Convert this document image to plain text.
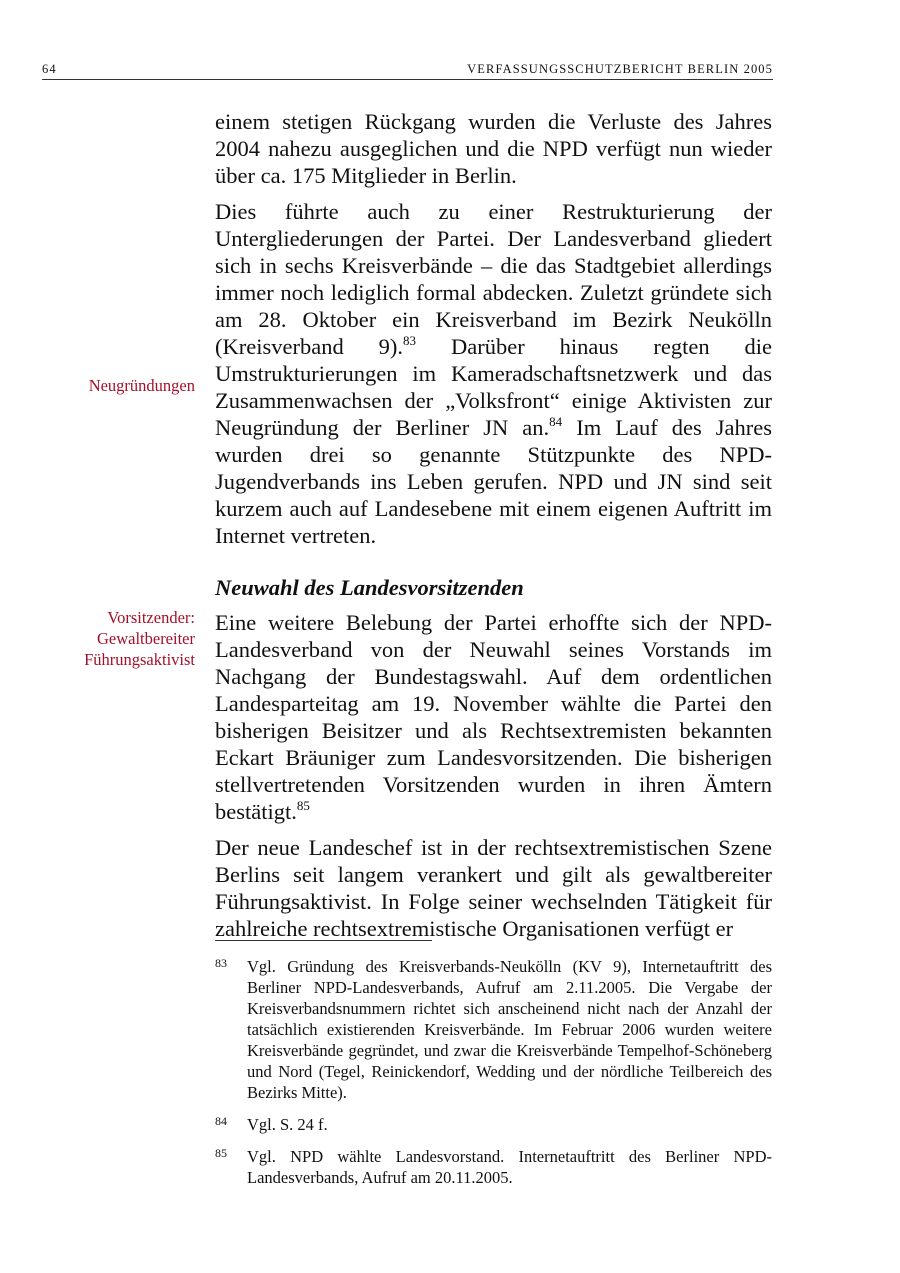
64	VERFASSUNGSSCHUTZBERICHT BERLIN 2005
Neugründungen
Vorsitzender:
Gewaltbereiter
Führungsaktivist

einem stetigen Rückgang wurden die Verluste des Jahres 2004 nahezu ausgeglichen und die NPD verfügt nun wieder über ca. 175 Mitglieder in Berlin.

Dies führte auch zu einer Restrukturierung der Untergliederungen der Partei. Der Landesverband gliedert sich in sechs Kreisverbände – die das Stadtgebiet allerdings immer noch lediglich formal abdecken. Zuletzt gründete sich am 28. Oktober ein Kreisverband im Bezirk Neukölln (Kreisverband 9).$^{83}$ Darüber hinaus regten die Umstrukturierungen im Kameradschaftsnetzwerk und das Zusammenwachsen der „Volksfront“ einige Aktivisten zur Neugründung der Berliner JN an.$^{84}$ Im Lauf des Jahres wurden drei so genannte Stützpunkte des NPD-Jugendverbands ins Leben gerufen. NPD und JN sind seit kurzem auch auf Landesebene mit einem eigenen Auftritt im Internet vertreten.

Neuwahl des Landesvorsitzenden

Eine weitere Belebung der Partei erhoffte sich der NPD-Landesverband von der Neuwahl seines Vorstands im Nachgang der Bundestagswahl. Auf dem ordentlichen Landesparteitag am 19. November wählte die Partei den bisherigen Beisitzer und als Rechtsextremisten bekannten Eckart Bräuniger zum Landesvorsitzenden. Die bisherigen stellvertretenden Vorsitzenden wurden in ihren Ämtern bestätigt.$^{85}$

Der neue Landeschef ist in der rechtsextremistischen Szene Berlins seit langem verankert und gilt als gewaltbereiter Führungsaktivist. In Folge seiner wechselnden Tätigkeit für zahlreiche rechtsextremistische Organisationen verfügt er

83 Vgl. Gründung des Kreisverbands-Neukölln (KV 9), Internetauftritt des Berliner NPD-Landesverbands, Aufruf am 2.11.2005. Die Vergabe der Kreisverbandsnummern richtet sich anscheinend nicht nach der Anzahl der tatsächlich existierenden Kreisverbände. Im Februar 2006 wurden weitere Kreisverbände gegründet, und zwar die Kreisverbände Tempelhof-Schöneberg und Nord (Tegel, Reinickendorf, Wedding und der nördliche Teilbereich des Bezirks Mitte).
84 Vgl. S. 24 f.
85 Vgl. NPD wählte Landesvorstand. Internetauftritt des Berliner NPD-Landesverbands, Aufruf am 20.11.2005.
